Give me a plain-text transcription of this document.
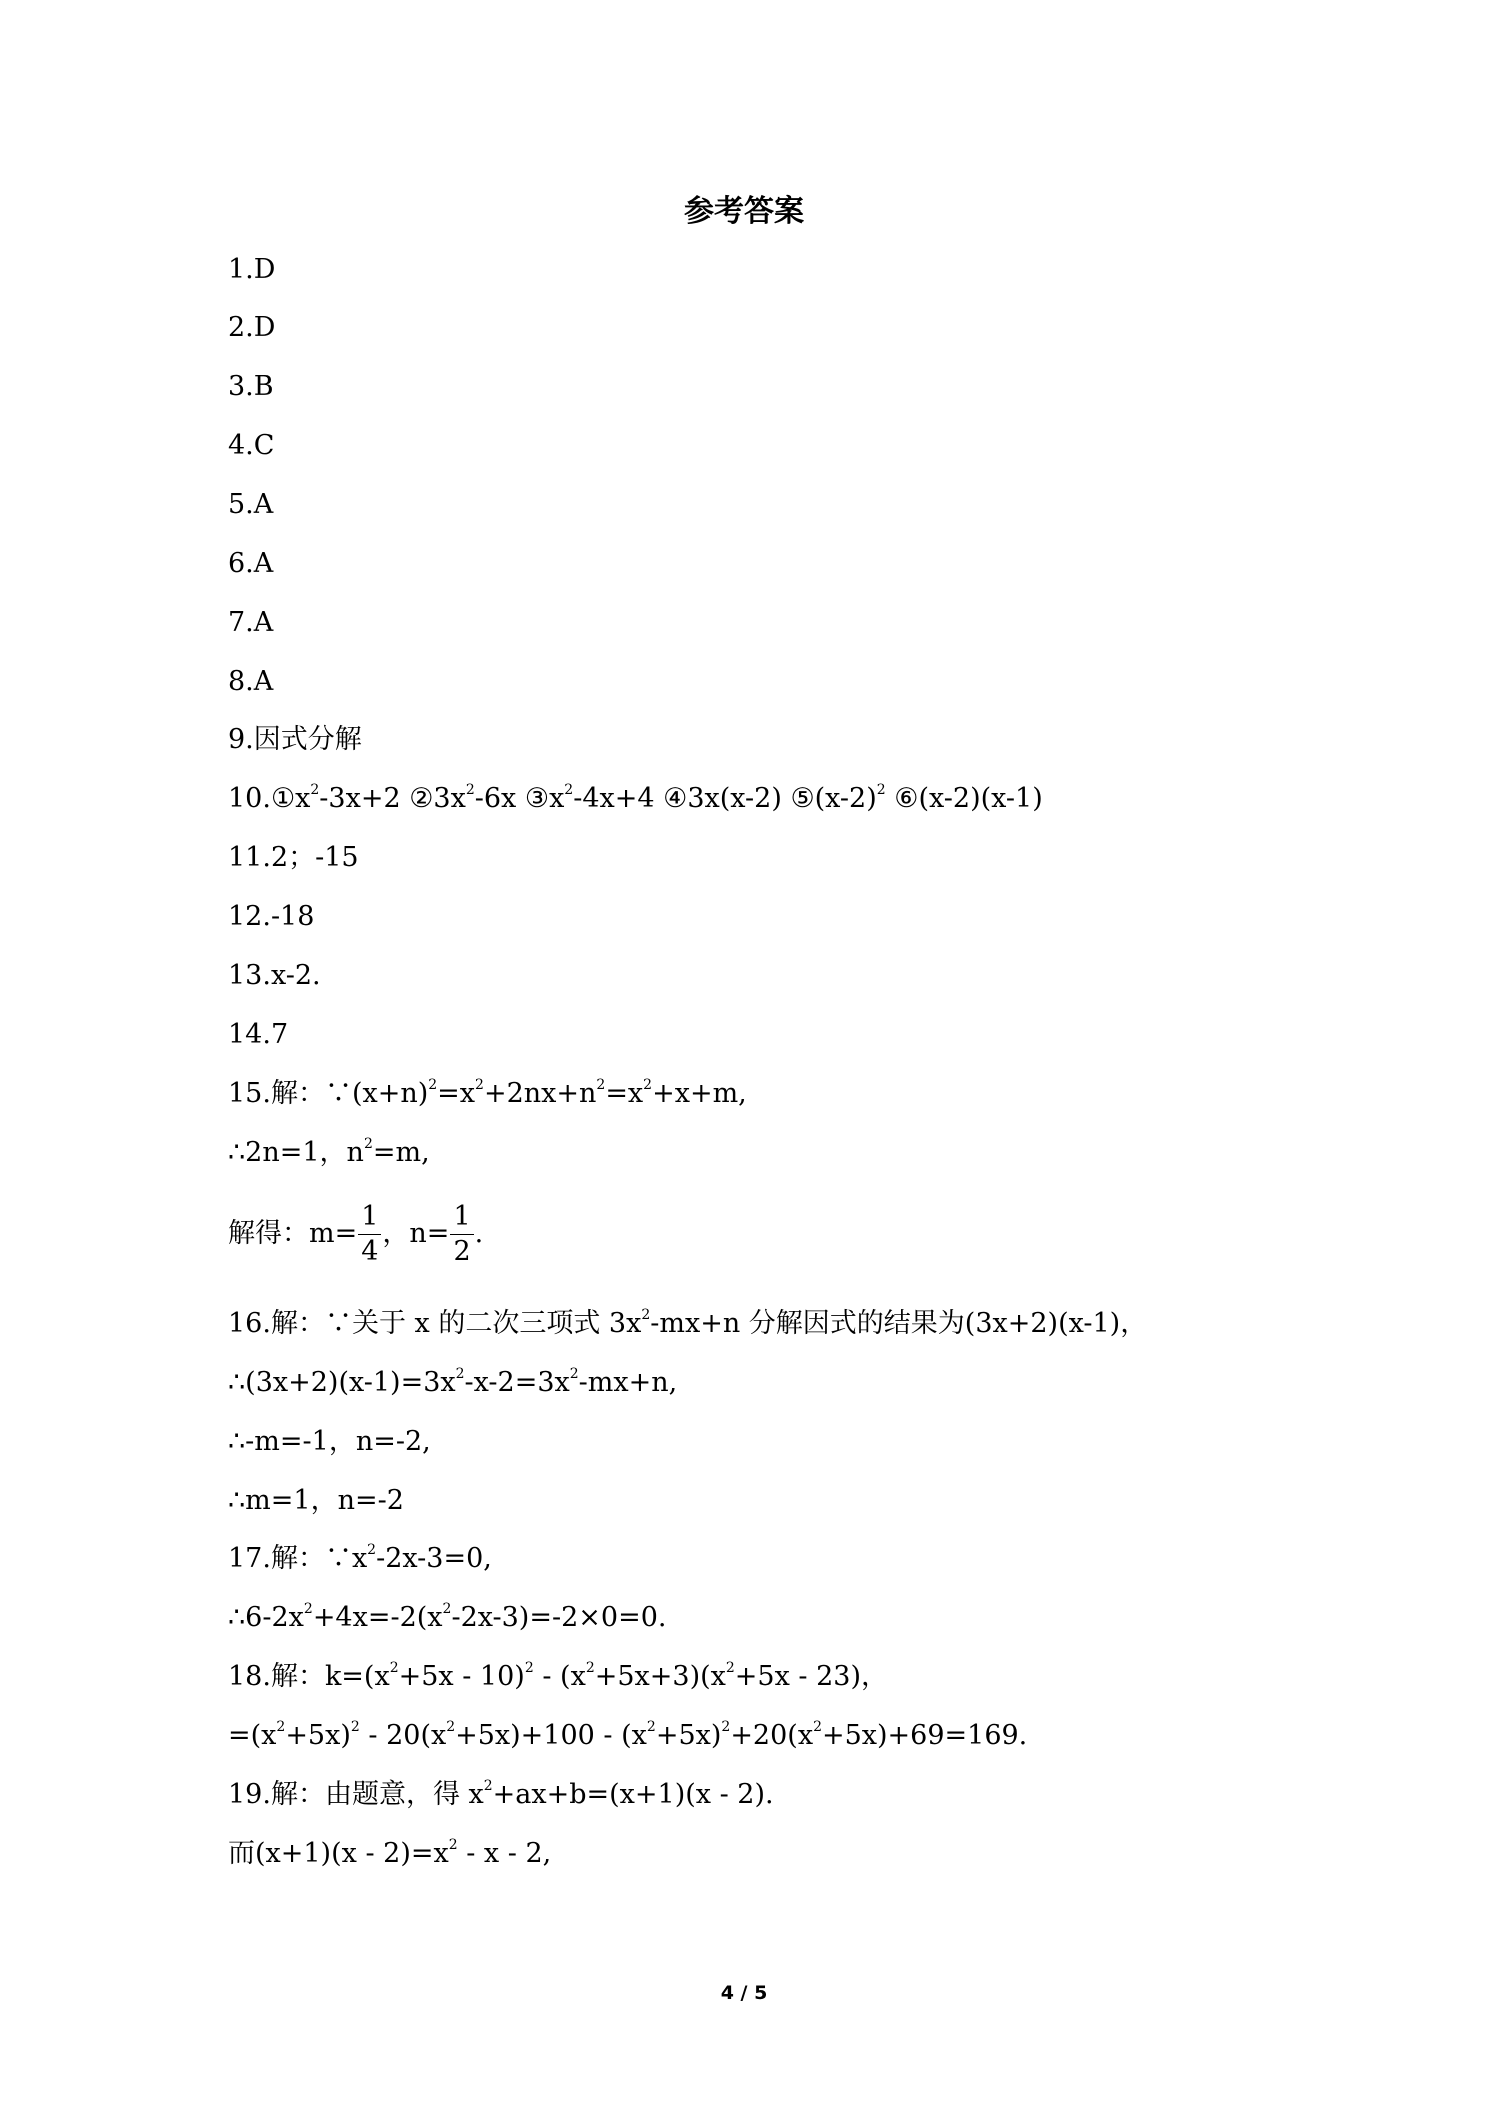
参考答案
1.D
2.D
3.B
4.C
5.A
6.A
7.A
8.A
9.因式分解
$10.①x^2-3x+2$ $②3x^2-6x$ $③x^2-4x+4$ ④3x(x-2) $⑤(x-2)^2$ ⑥(x-2)(x-1)
11.2；-15
12.-18
13.x-2.
14.7
15.解：$\because(x+n)^2=x^2+2nx+n^2=x^2+x+m$,
∴2n=1，$n^2=m$,
解得：$m= \frac{1}{4}$ ，$n= \frac{1}{2}$ .
16.解：∵关于 x 的二次三项式 $3x^2-mx+n$ 分解因式的结果为(3x+2)(x-1)，
$\therefore(3x+2)(x-1)=3x^2-x-2=3x^2-mx+n$,
∴-m=-1，n=-2,
∴m=1，n=-2
17.解：$\because x^2-2x-3=0$,
$\therefore 6-2x^2+4x=-2(x^2-2x-3)=-2\times 0=0$.
18.解：$k=(x^2+5x - 10)^2 - (x^2+5x+3)(x^2+5x - 23)$，
$=(x^2+5x)^2 - 20(x^2+5x)+100 - (x^2+5x)^2+20(x^2+5x)+69=169$.
19.解：由题意，得 $x^2+ax+b=(x+1)(x - 2)$.
而$(x+1)(x - 2)=x^2 - x - 2$,
4 / 5
